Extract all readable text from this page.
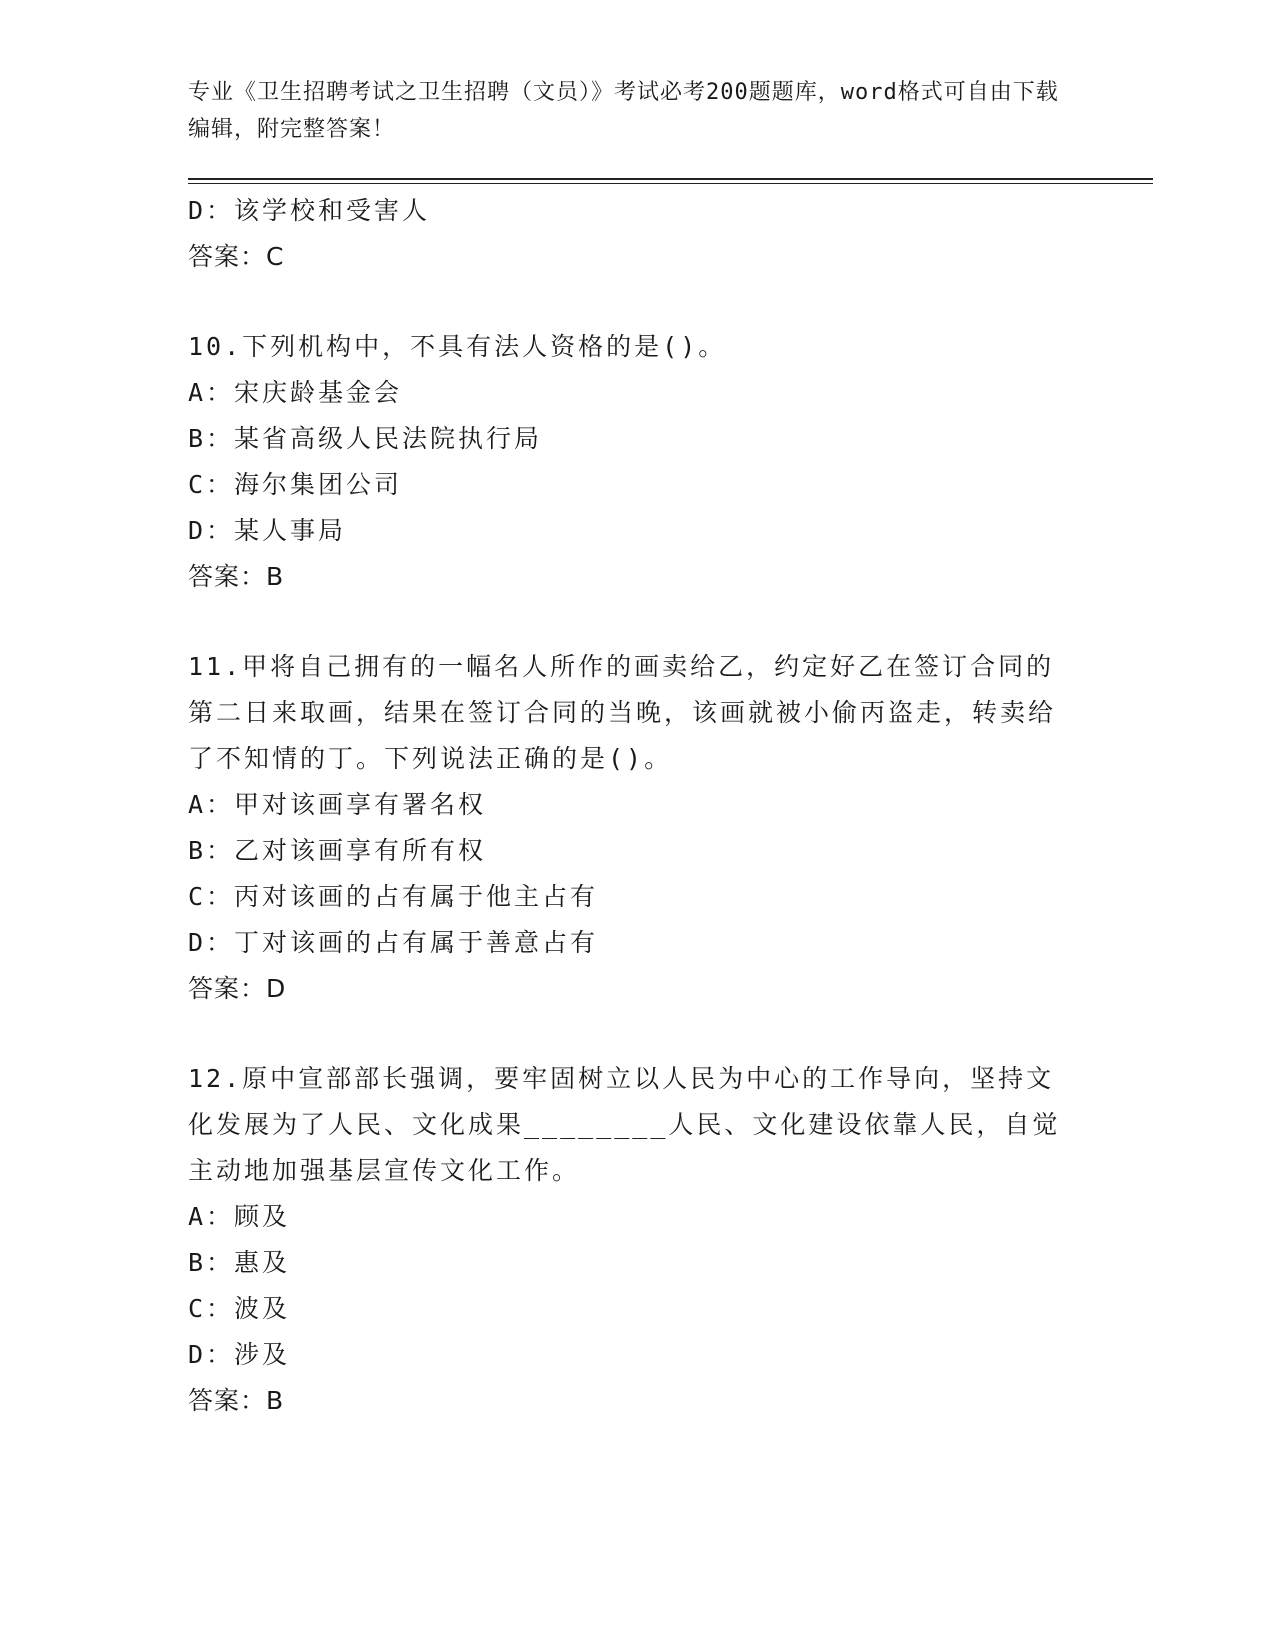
专业《卫生招聘考试之卫生招聘（文员）》考试必考200题题库，word格式可自由下载编辑，附完整答案！
D：该学校和受害人
答案：C
10.下列机构中，不具有法人资格的是()。
A：宋庆龄基金会
B：某省高级人民法院执行局
C：海尔集团公司
D：某人事局
答案：B
11.甲将自己拥有的一幅名人所作的画卖给乙，约定好乙在签订合同的第二日来取画，结果在签订合同的当晚，该画就被小偷丙盗走，转卖给了不知情的丁。下列说法正确的是()。
A：甲对该画享有署名权
B：乙对该画享有所有权
C：丙对该画的占有属于他主占有
D：丁对该画的占有属于善意占有
答案：D
12.原中宣部部长强调，要牢固树立以人民为中心的工作导向，坚持文化发展为了人民、文化成果________人民、文化建设依靠人民，自觉主动地加强基层宣传文化工作。
A：顾及
B：惠及
C：波及
D：涉及
答案：B
